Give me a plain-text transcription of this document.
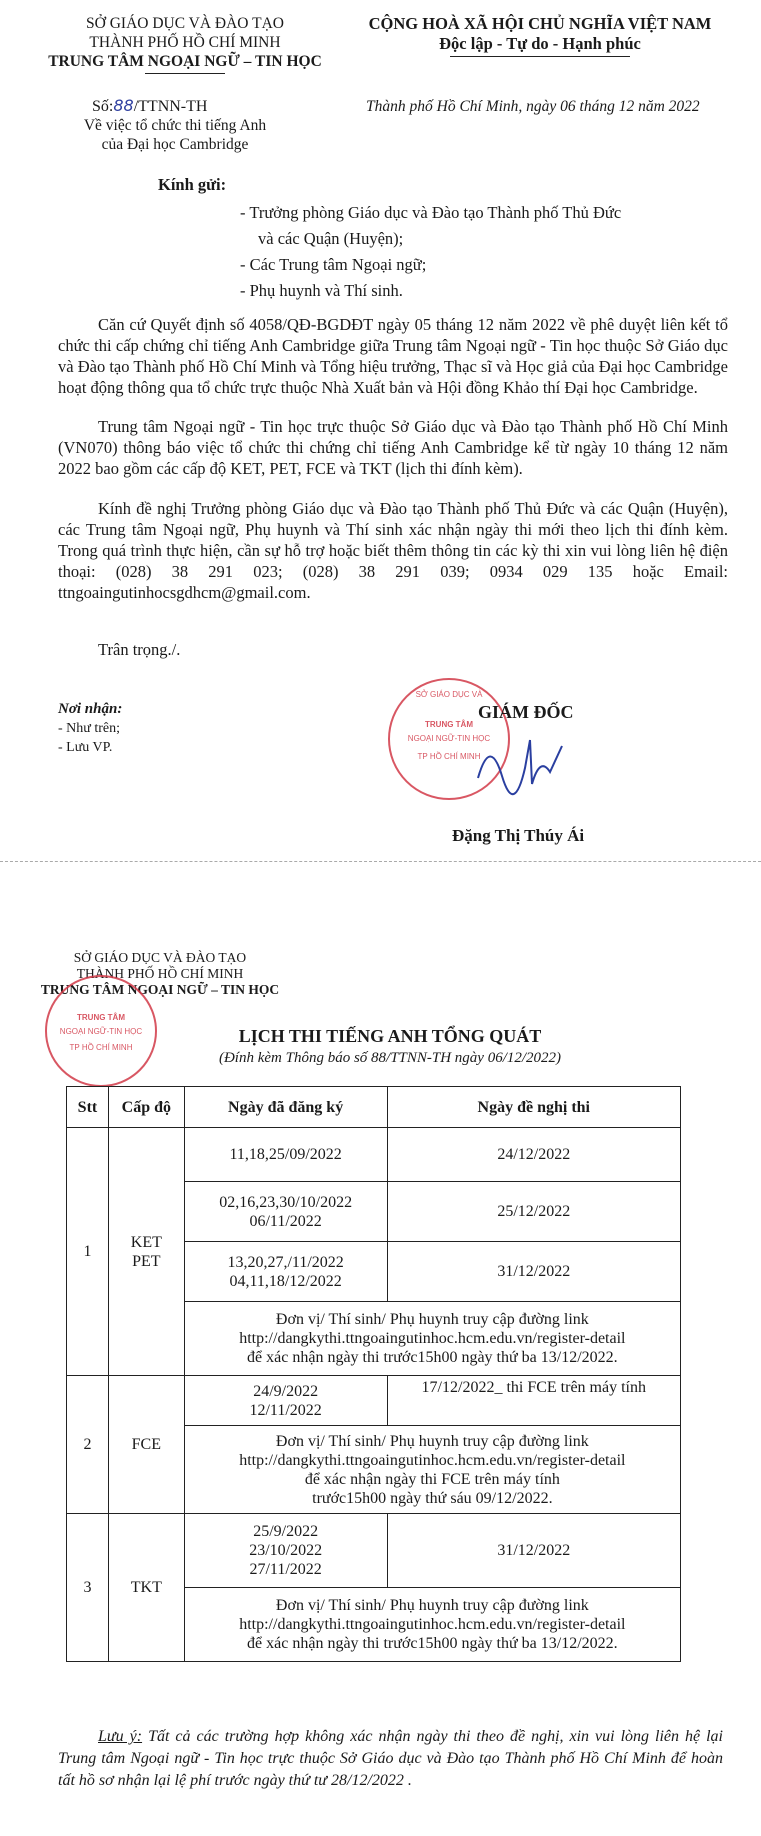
SỞ GIÁO DỤC VÀ ĐÀO TẠO
THÀNH PHỐ HỒ CHÍ MINH
TRUNG TÂM NGOẠI NGỮ – TIN HỌC
CỘNG HOÀ XÃ HỘI CHỦ NGHĨA VIỆT NAM
Độc lập - Tự do - Hạnh phúc
Số:88/TTNN-TH
Về việc tổ chức thi tiếng Anh
của Đại học Cambridge
Thành phố Hồ Chí Minh, ngày 06 tháng 12 năm 2022
Kính gửi:
- Trưởng phòng Giáo dục và Đào tạo Thành phố Thủ Đức
và các Quận (Huyện);
- Các Trung tâm Ngoại ngữ;
- Phụ huynh và Thí sinh.
Căn cứ Quyết định số 4058/QĐ-BGDĐT ngày 05 tháng 12 năm 2022 về phê duyệt liên kết tổ chức thi cấp chứng chỉ tiếng Anh Cambridge giữa Trung tâm Ngoại ngữ - Tin học thuộc Sở Giáo dục và Đào tạo Thành phố Hồ Chí Minh và Tổng hiệu trưởng, Thạc sĩ và Học giả của Đại học Cambridge hoạt động thông qua tổ chức trực thuộc Nhà Xuất bản và Hội đồng Khảo thí Đại học Cambridge.
Trung tâm Ngoại ngữ - Tin học trực thuộc Sở Giáo dục và Đào tạo Thành phố Hồ Chí Minh (VN070) thông báo việc tổ chức thi chứng chỉ tiếng Anh Cambridge kể từ ngày 10 tháng 12 năm 2022 bao gồm các cấp độ KET, PET, FCE và TKT (lịch thi đính kèm).
Kính đề nghị Trưởng phòng Giáo dục và Đào tạo Thành phố Thủ Đức và các Quận (Huyện), các Trung tâm Ngoại ngữ, Phụ huynh và Thí sinh xác nhận ngày thi mới theo lịch thi đính kèm. Trong quá trình thực hiện, cần sự hỗ trợ hoặc biết thêm thông tin các kỳ thi xin vui lòng liên hệ điện thoại: (028) 38 291 023; (028) 38 291 039; 0934 029 135 hoặc Email: ttngoaingutinhocsgdhcm@gmail.com.
Trân trọng./.
Nơi nhận:
- Như trên;
- Lưu VP.
SỞ GIÁO DỤC VÀ
TRUNG TÂM
NGOẠI NGỮ-TIN HỌC
TP HỒ CHÍ MINH
GIÁM ĐỐC
Đặng Thị Thúy Ái
SỞ GIÁO DỤC VÀ ĐÀO TẠO
THÀNH PHỐ HỒ CHÍ MINH
TRUNG TÂM NGOẠI NGỮ – TIN HỌC
TRUNG TÂM
NGOẠI NGỮ-TIN HỌC
TP HỒ CHÍ MINH
LỊCH THI TIẾNG ANH TỔNG QUÁT
(Đính kèm Thông báo số 88/TTNN-TH ngày 06/12/2022)
Stt	Cấp độ	Ngày đã đăng ký	Ngày đề nghị thi
1	KET
PET	11,18,25/09/2022	24/12/2022

		02,16,23,30/10/2022
06/11/2022	25/12/2022

		13,20,27,/11/2022
04,11,18/12/2022	31/12/2022

		Đơn vị/ Thí sinh/ Phụ huynh truy cập đường link
http://dangkythi.ttngoaingutinhoc.hcm.edu.vn/register-detail
để xác nhận ngày thi trước15h00 ngày thứ ba 13/12/2022.	

2	FCE	24/9/2022
12/11/2022	17/12/2022_ thi FCE trên máy tính

		Đơn vị/ Thí sinh/ Phụ huynh truy cập đường link
http://dangkythi.ttngoaingutinhoc.hcm.edu.vn/register-detail
để xác nhận ngày thi FCE trên máy tính
trước15h00 ngày thứ sáu 09/12/2022.	

3	TKT	25/9/2022
23/10/2022
27/11/2022	31/12/2022

		Đơn vị/ Thí sinh/ Phụ huynh truy cập đường link
http://dangkythi.ttngoaingutinhoc.hcm.edu.vn/register-detail
để xác nhận ngày thi trước15h00 ngày thứ ba 13/12/2022.	
Lưu ý: Tất cả các trường hợp không xác nhận ngày thi theo đề nghị, xin vui lòng liên hệ lại Trung tâm Ngoại ngữ - Tin học trực thuộc Sở Giáo dục và Đào tạo Thành phố Hồ Chí Minh để hoàn tất hồ sơ nhận lại lệ phí trước ngày thứ tư 28/12/2022 .
